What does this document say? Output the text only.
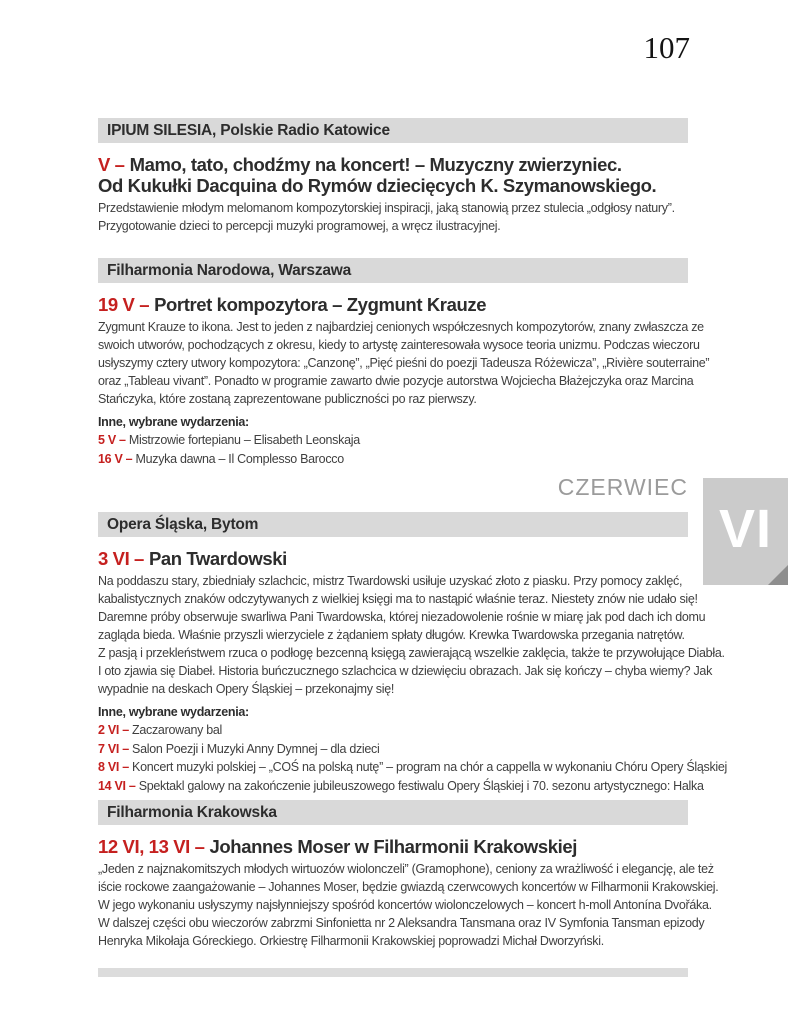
107
IPIUM SILESIA, Polskie Radio Katowice
V – Mamo, tato, chodźmy na koncert! – Muzyczny zwierzyniec.
Od Kukułki Dacquina do Rymów dziecięcych K. Szymanowskiego.
Przedstawienie młodym melomanom kompozytorskiej inspiracji, jaką stanowią przez stulecia „odgłosy natury”.
Przygotowanie dzieci to percepcji muzyki programowej, a wręcz ilustracyjnej.
Filharmonia Narodowa, Warszawa
19 V – Portret kompozytora – Zygmunt Krauze
Zygmunt Krauze to ikona. Jest to jeden z najbardziej cenionych współczesnych kompozytorów, znany zwłaszcza ze
swoich utworów, pochodzących z okresu, kiedy to artystę zainteresowała wysoce teoria unizmu. Podczas wieczoru
usłyszymy cztery utwory kompozytora: „Canzonę”, „Pięć pieśni do poezji Tadeusza Różewicza”, „Rivière souterraine”
oraz „Tableau vivant”. Ponadto w programie zawarto dwie pozycje autorstwa Wojciecha Błażejczyka oraz Marcina
Stańczyka, które zostaną zaprezentowane publiczności po raz pierwszy.
Inne, wybrane wydarzenia:
5 V – Mistrzowie fortepianu – Elisabeth Leonskaja
16 V – Muzyka dawna – Il Complesso Barocco
CZERWIEC
VI
Opera Śląska, Bytom
3 VI – Pan Twardowski
Na poddaszu stary, zbiedniały szlachcic, mistrz Twardowski usiłuje uzyskać złoto z piasku. Przy pomocy zaklęć,
kabalistycznych znaków odczytywanych z wielkiej księgi ma to nastąpić właśnie teraz. Niestety znów nie udało się!
Daremne próby obserwuje swarliwa Pani Twardowska, której niezadowolenie rośnie w miarę jak pod dach ich domu
zagląda bieda. Właśnie przyszli wierzyciele z żądaniem spłaty długów. Krewka Twardowska przegania natrętów.
Z pasją i przekleństwem rzuca o podłogę bezcenną księgą zawierającą wszelkie zaklęcia, także te przywołujące Diabła.
I oto zjawia się Diabeł. Historia buńczucznego szlachcica w dziewięciu obrazach. Jak się kończy – chyba wiemy? Jak
wypadnie na deskach Opery Śląskiej – przekonajmy się!
Inne, wybrane wydarzenia:
2 VI – Zaczarowany bal
7 VI – Salon Poezji i Muzyki Anny Dymnej – dla dzieci
8 VI – Koncert muzyki polskiej – „COŚ na polską nutę” – program na chór a cappella w wykonaniu Chóru Opery Śląskiej
14 VI – Spektakl galowy na zakończenie jubileuszowego festiwalu Opery Śląskiej i 70. sezonu artystycznego: Halka
Filharmonia Krakowska
12 VI, 13 VI – Johannes Moser w Filharmonii Krakowskiej
„Jeden z najznakomitszych młodych wirtuozów wiolonczeli” (Gramophone), ceniony za wrażliwość i elegancję, ale też
iście rockowe zaangażowanie – Johannes Moser, będzie gwiazdą czerwcowych koncertów w Filharmonii Krakowskiej.
W jego wykonaniu usłyszymy najsłynniejszy spośród koncertów wiolonczelowych – koncert h-moll Antonína Dvořáka.
W dalszej części obu wieczorów zabrzmi Sinfonietta nr 2 Aleksandra Tansmana oraz IV Symfonia Tansman epizody
Henryka Mikołaja Góreckiego. Orkiestrę Filharmonii Krakowskiej poprowadzi Michał Dworzyński.
